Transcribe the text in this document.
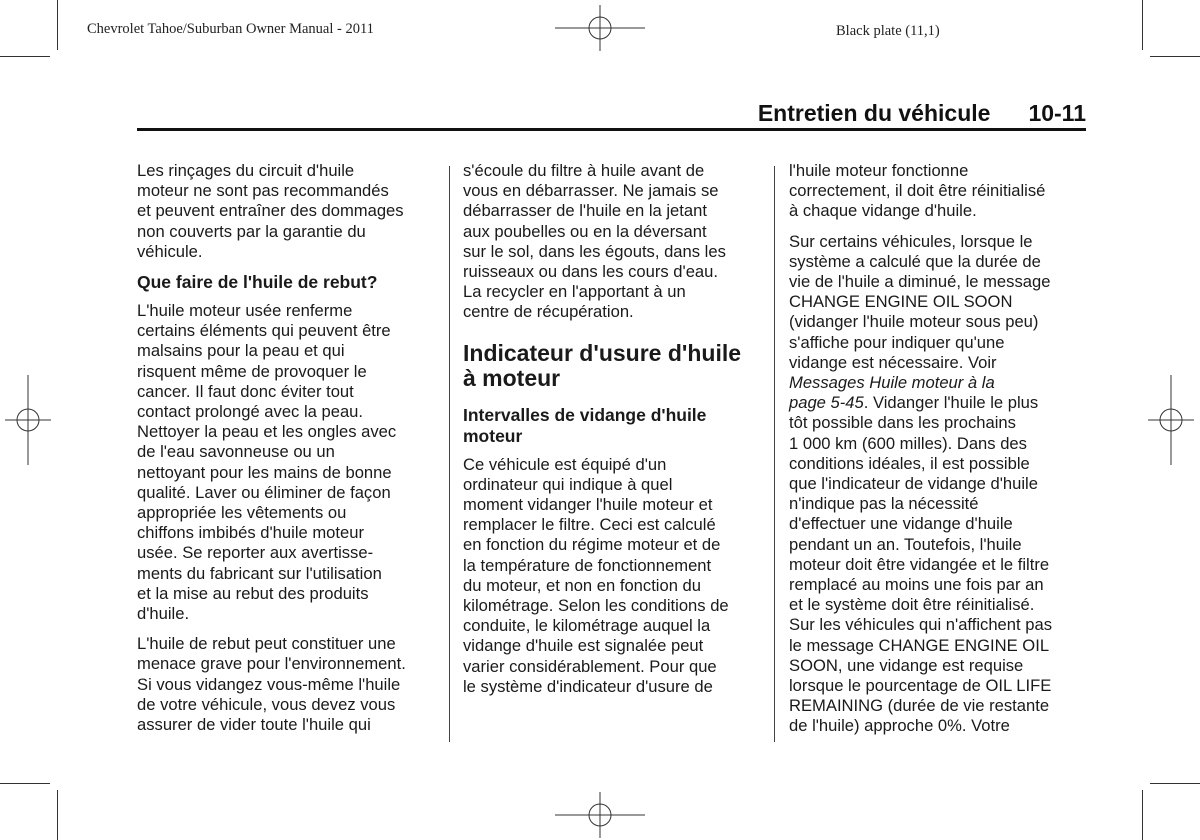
Chevrolet Tahoe/Suburban Owner Manual - 2011	Black plate (11,1)
Entretien du véhicule 10-11
Les rinçages du circuit d'huile
moteur ne sont pas recommandés
et peuvent entraîner des dommages
non couverts par la garantie du
véhicule.
Que faire de l'huile de rebut?
L'huile moteur usée renferme
certains éléments qui peuvent être
malsains pour la peau et qui
risquent même de provoquer le
cancer. Il faut donc éviter tout
contact prolongé avec la peau.
Nettoyer la peau et les ongles avec
de l'eau savonneuse ou un
nettoyant pour les mains de bonne
qualité. Laver ou éliminer de façon
appropriée les vêtements ou
chiffons imbibés d'huile moteur
usée. Se reporter aux avertisse-
ments du fabricant sur l'utilisation
et la mise au rebut des produits
d'huile.
L'huile de rebut peut constituer une
menace grave pour l'environnement.
Si vous vidangez vous-même l'huile
de votre véhicule, vous devez vous
assurer de vider toute l'huile qui
s'écoule du filtre à huile avant de
vous en débarrasser. Ne jamais se
débarrasser de l'huile en la jetant
aux poubelles ou en la déversant
sur le sol, dans les égouts, dans les
ruisseaux ou dans les cours d'eau.
La recycler en l'apportant à un
centre de récupération.
Indicateur d'usure d'huile
à moteur
Intervalles de vidange d'huile
moteur
Ce véhicule est équipé d'un
ordinateur qui indique à quel
moment vidanger l'huile moteur et
remplacer le filtre. Ceci est calculé
en fonction du régime moteur et de
la température de fonctionnement
du moteur, et non en fonction du
kilométrage. Selon les conditions de
conduite, le kilométrage auquel la
vidange d'huile est signalée peut
varier considérablement. Pour que
le système d'indicateur d'usure de
l'huile moteur fonctionne
correctement, il doit être réinitialisé
à chaque vidange d'huile.
Sur certains véhicules, lorsque le
système a calculé que la durée de
vie de l'huile a diminué, le message
CHANGE ENGINE OIL SOON
(vidanger l'huile moteur sous peu)
s'affiche pour indiquer qu'une
vidange est nécessaire. Voir
Messages Huile moteur à la
page 5-45. Vidanger l'huile le plus
tôt possible dans les prochains
1 000 km (600 milles). Dans des
conditions idéales, il est possible
que l'indicateur de vidange d'huile
n'indique pas la nécessité
d'effectuer une vidange d'huile
pendant un an. Toutefois, l'huile
moteur doit être vidangée et le filtre
remplacé au moins une fois par an
et le système doit être réinitialisé.
Sur les véhicules qui n'affichent pas
le message CHANGE ENGINE OIL
SOON, une vidange est requise
lorsque le pourcentage de OIL LIFE
REMAINING (durée de vie restante
de l'huile) approche 0%. Votre
